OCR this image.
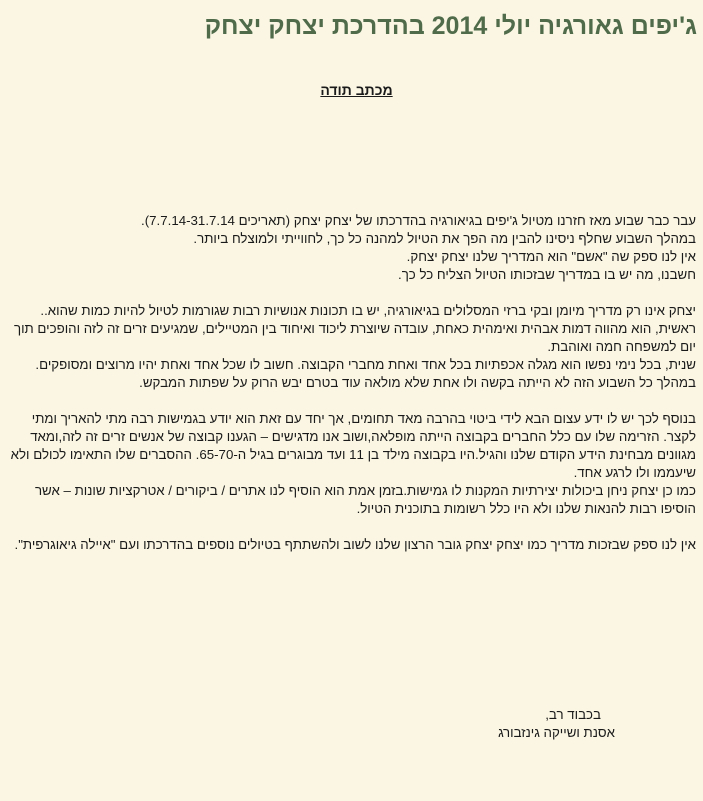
ג'יפים גאורגיה יולי 2014 בהדרכת יצחק יצחק

מכתב תודה

עבר כבר שבוע מאז חזרנו מטיול ג'יפים בגיאורגיה בהדרכתו של יצחק יצחק (תאריכים 7.7.14-31.7.14).
במהלך השבוע שחלף ניסינו להבין מה הפך את הטיול למהנה כל כך, לחווייתי ולמוצלח ביותר.
אין לנו ספק שה "אשם" הוא המדריך שלנו יצחק יצחק.
חשבנו, מה יש בו במדריך שבזכותו הטיול הצליח כל כך.

יצחק אינו רק מדריך מיומן ובקי ברזי המסלולים בגיאורגיה, יש בו תכונות אנושיות רבות שגורמות לטיול להיות כמות שהוא..
ראשית, הוא מהווה דמות אבהית ואימהית כאחת, עובדה שיוצרת ליכוד ואיחוד בין המטיילים, שמגיעים זרים זה לזה והופכים תוך יום למשפחה חמה ואוהבת.
שנית, בכל נימי נפשו הוא מגלה אכפתיות בכל אחד ואחת מחברי הקבוצה. חשוב לו שכל אחד ואחת יהיו מרוצים ומסופקים. במהלך כל השבוע הזה לא הייתה בקשה ולו אחת שלא מולאה עוד בטרם יבש הרוק על שפתות המבקש.

בנוסף לכך יש לו ידע עצום הבא לידי ביטוי בהרבה מאד תחומים, אך יחד עם זאת הוא יודע בגמישות רבה מתי להאריך ומתי לקצר. הזרימה שלו עם כלל החברים בקבוצה הייתה מופלאה,ושוב אנו מדגישים – הגענו קבוצה של אנשים זרים זה לזה,ומאד מגוונים מבחינת הידע הקודם שלנו והגיל.היו בקבוצה מילד בן 11 ועד מבוגרים בגיל ה-65-70. ההסברים שלו התאימו לכולם ולא שיעממו ולו לרגע אחד.
כמו כן יצחק ניחן ביכולות יצירתיות המקנות לו גמישות.בזמן אמת הוא הוסיף לנו אתרים / ביקורים / אטרקציות שונות – אשר הוסיפו רבות להנאות שלנו ולא היו כלל רשומות בתוכנית הטיול.

אין לנו ספק שבזכות מדריך כמו יצחק יצחק גובר הרצון שלנו לשוב ולהשתתף בטיולים נוספים בהדרכתו ועם "איילה גיאוגרפית".

בכבוד רב,
אסנת ושייקה גינזבורג
